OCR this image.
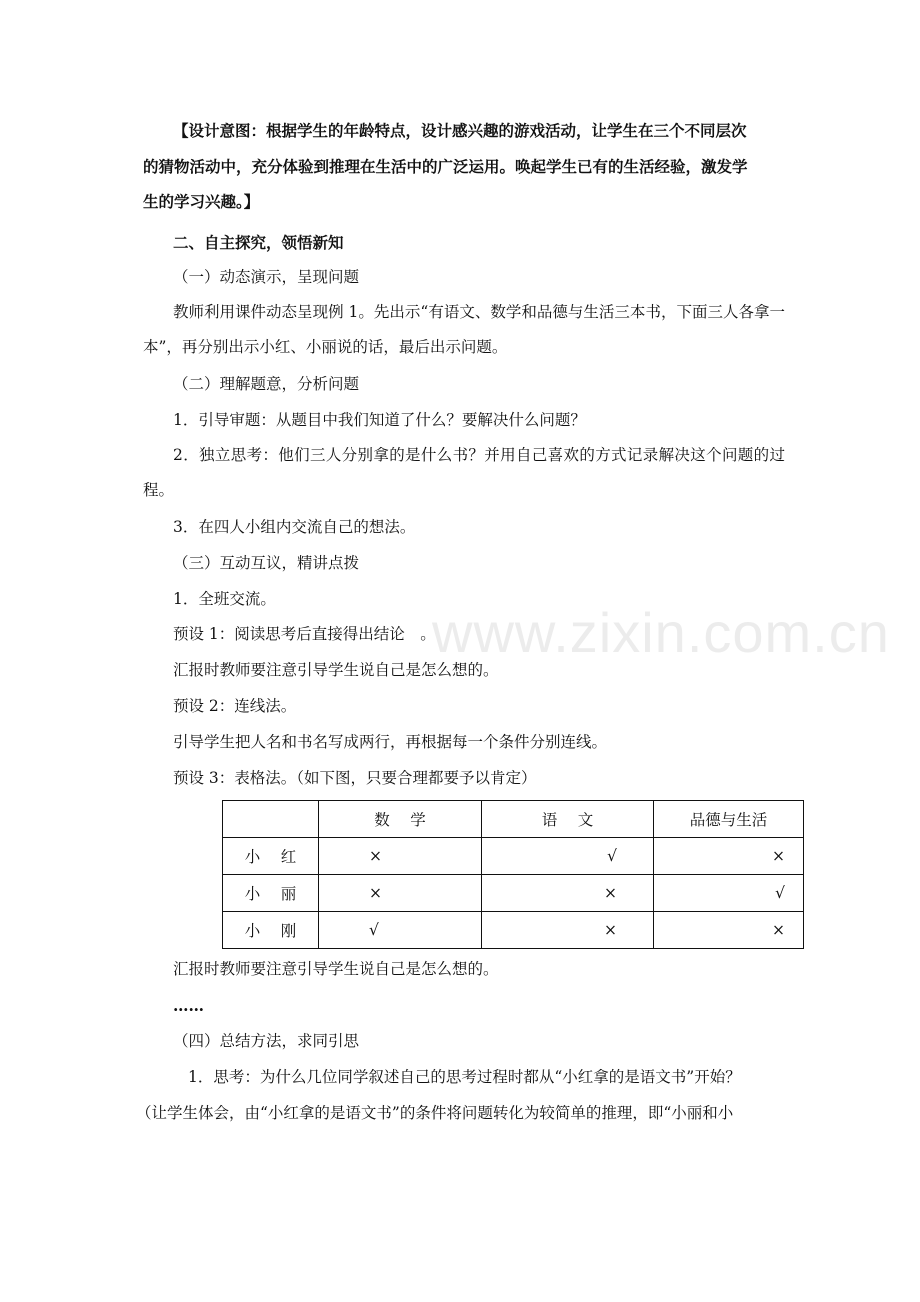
www.zixin.com.cn
【设计意图：根据学生的年龄特点，设计感兴趣的游戏活动，让学生在三个不同层次
的猜物活动中，充分体验到推理在生活中的广泛运用。唤起学生已有的生活经验，激发学
生的学习兴趣。】
二、自主探究，领悟新知
（一）动态演示，呈现问题
教师利用课件动态呈现例 1。先出示“有语文、数学和品德与生活三本书，下面三人各拿一本”，再分别出示小红、小丽说的话，最后出示问题。
（二）理解题意，分析问题
1．引导审题：从题目中我们知道了什么？要解决什么问题？
2．独立思考：他们三人分别拿的是什么书？并用自己喜欢的方式记录解决这个问题的过程。
3．在四人小组内交流自己的想法。
（三）互动互议，精讲点拨
1．全班交流。
预设 1：阅读思考后直接得出结论　。
汇报时教师要注意引导学生说自己是怎么想的。
预设 2：连线法。
引导学生把人名和书名写成两行，再根据每一个条件分别连线。
预设 3：表格法。（如下图，只要合理都要予以肯定）
	数　 学	语　 文	品德与生活
小　 红	×	√	×
小　 丽	×	×	√
小　 刚	√	×	×
汇报时教师要注意引导学生说自己是怎么想的。
……
（四）总结方法，求同引思
1．思考：为什么几位同学叙述自己的思考过程时都从“小红拿的是语文书”开始？
（让学生体会，由“小红拿的是语文书”的条件将问题转化为较简单的推理，即“小丽和小
